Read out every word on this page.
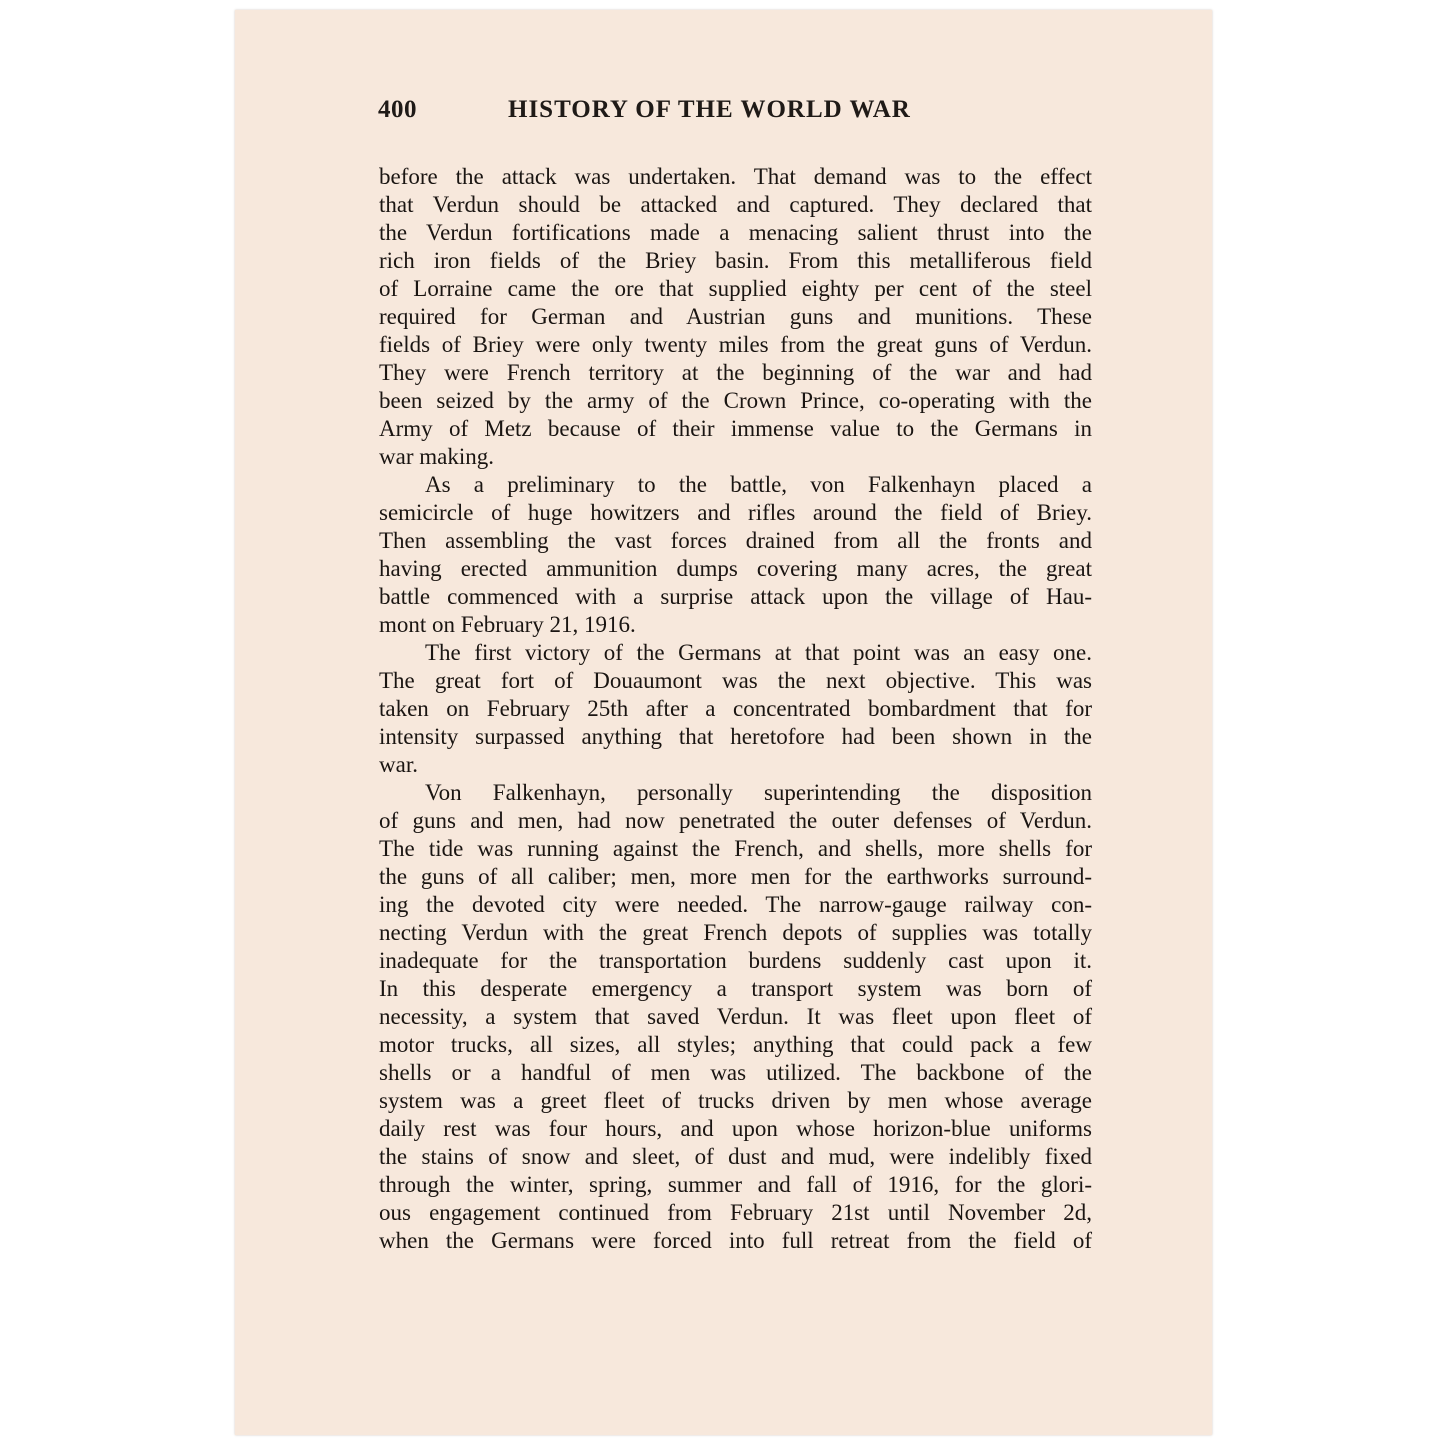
400	HISTORY OF THE WORLD WAR
before the attack was undertaken. That demand was to the effect
that Verdun should be attacked and captured. They declared that
the Verdun fortifications made a menacing salient thrust into the
rich iron fields of the Briey basin. From this metalliferous field
of Lorraine came the ore that supplied eighty per cent of the steel
required for German and Austrian guns and munitions. These
fields of Briey were only twenty miles from the great guns of Verdun.
They were French territory at the beginning of the war and had
been seized by the army of the Crown Prince, co-operating with the
Army of Metz because of their immense value to the Germans in
war making.
As a preliminary to the battle, von Falkenhayn placed a
semicircle of huge howitzers and rifles around the field of Briey.
Then assembling the vast forces drained from all the fronts and
having erected ammunition dumps covering many acres, the great
battle commenced with a surprise attack upon the village of Hau-
mont on February 21, 1916.
The first victory of the Germans at that point was an easy one.
The great fort of Douaumont was the next objective. This was
taken on February 25th after a concentrated bombardment that for
intensity surpassed anything that heretofore had been shown in the
war.
Von Falkenhayn, personally superintending the disposition
of guns and men, had now penetrated the outer defenses of Verdun.
The tide was running against the French, and shells, more shells for
the guns of all caliber; men, more men for the earthworks surround-
ing the devoted city were needed. The narrow-gauge railway con-
necting Verdun with the great French depots of supplies was totally
inadequate for the transportation burdens suddenly cast upon it.
In this desperate emergency a transport system was born of
necessity, a system that saved Verdun. It was fleet upon fleet of
motor trucks, all sizes, all styles; anything that could pack a few
shells or a handful of men was utilized. The backbone of the
system was a greet fleet of trucks driven by men whose average
daily rest was four hours, and upon whose horizon-blue uniforms
the stains of snow and sleet, of dust and mud, were indelibly fixed
through the winter, spring, summer and fall of 1916, for the glori-
ous engagement continued from February 21st until November 2d,
when the Germans were forced into full retreat from the field of
